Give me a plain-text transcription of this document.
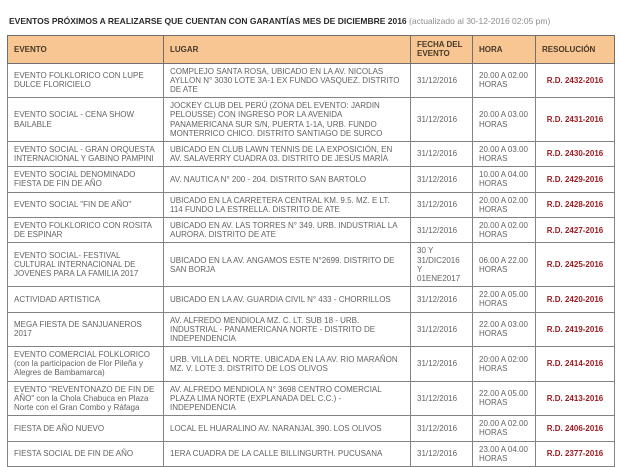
EVENTOS PRÓXIMOS A REALIZARSE QUE CUENTAN CON GARANTÍAS MES DE DICIEMBRE 2016 (actualizado al 30-12-2016 02:05 pm)
EVENTO	LUGAR	FECHA DEL EVENTO	HORA	RESOLUCIÓN
EVENTO FOLKLORICO CON LUPE DULCE FLORICIELO	COMPLEJO SANTA ROSA, UBICADO EN LA AV. NICOLAS AYLLON N° 3030 LOTE 3A-1 EX FUNDO VASQUEZ. DISTRITO DE ATE	31/12/2016	20.00 A 02.00 HORAS	R.D. 2432-2016
EVENTO SOCIAL - CENA SHOW BAILABLE	JOCKEY CLUB DEL PERÚ (ZONA DEL EVENTO: JARDIN PELOUSSE) CON INGRESO POR LA AVENIDA PANAMERICANA SUR S/N, PUERTA 1-1A, URB. FUNDO MONTERRICO CHICO. DISTRITO SANTIAGO DE SURCO	31/12/2016	20.00 A 03.00 HORAS	R.D. 2431-2016
EVENTO SOCIAL - GRAN ORQUESTA INTERNACIONAL Y GABINO PAMPINI	UBICADO EN CLUB LAWN TENNIS DE LA EXPOSICIÓN, EN AV. SALAVERRY CUADRA 03. DISTRITO DE JESÚS MARÍA	31/12/2016	20.00 A 03.00 HORAS	R.D. 2430-2016
EVENTO SOCIAL DENOMINADO FIESTA DE FIN DE AÑO	AV. NAUTICA N° 200 - 204. DISTRITO SAN BARTOLO	31/12/2016	10.00 A 04.00 HORAS	R.D. 2429-2016
EVENTO SOCIAL "FIN DE AÑO"	UBICADO EN LA CARRETERA CENTRAL KM. 9.5. MZ. E LT. 114 FUNDO LA ESTRELLA. DISTRITO DE ATE	31/12/2016	20.00 A 02.00 HORAS	R.D. 2428-2016
EVENTO FOLKLORICO CON ROSITA DE ESPINAR	UBICADO EN AV. LAS TORRES N° 349. URB. INDUSTRIAL LA AURORA. DISTRITO DE ATE	31/12/2016	20.00 A 02.00 HORAS	R.D. 2427-2016
EVENTO SOCIAL- FESTIVAL CULTURAL INTERNACIONAL DE JOVENES PARA LA FAMILIA 2017	UBICADO EN LA AV. ANGAMOS ESTE N°2699. DISTRITO DE SAN BORJA	30 Y 31/DIC2016 Y 01ENE2017	06.00 A 22.00 HORAS	R.D. 2425-2016
ACTIVIDAD ARTISTICA	UBICADO EN LA AV. GUARDIA CIVIL N° 433 - CHORRILLOS	31/12/2016	22.00 A 05.00 HORAS	R.D. 2420-2016
MEGA FIESTA DE SANJUANEROS 2017	AV. ALFREDO MENDIOLA MZ. C. LT. SUB 18 - URB. INDUSTRIAL - PANAMERICANA NORTE - DISTRITO DE INDEPENDENCIA	31/12/2016	22.00 A 03.00 HORAS	R.D. 2419-2016
EVENTO COMERCIAL FOLKLORICO (con la participacion de Flor Pileña y Alegres de Bambamarca)	URB. VILLA DEL NORTE. UBICADA EN LA AV. RIO MARAÑON MZ. V. LOTE 3. DISTRITO DE LOS OLIVOS	31/12/2016	20:00 A 02:00 HORAS	R.D. 2414-2016
EVENTO "REVENTONAZO DE FIN DE AÑO" con la Chola Chabuca en Plaza Norte con el Gran Combo y Ráfaga	AV. ALFREDO MENDIOLA N° 3698 CENTRO COMERCIAL PLAZA LIMA NORTE (EXPLANADA DEL C.C.) - INDEPENDENCIA	31/12/2016	22.00 A 05.00 HORAS	R.D. 2413-2016
FIESTA DE AÑO NUEVO	LOCAL EL HUARALINO AV. NARANJAL 390. LOS OLIVOS	31/12/2016	20.00 A 02.00 HORAS	R.D. 2406-2016
FIESTA SOCIAL DE FIN DE AÑO	1ERA CUADRA DE LA CALLE BILLINGURTH. PUCUSANA	31/12/2016	23.00 A 04.00 HORAS	R.D. 2377-2016
